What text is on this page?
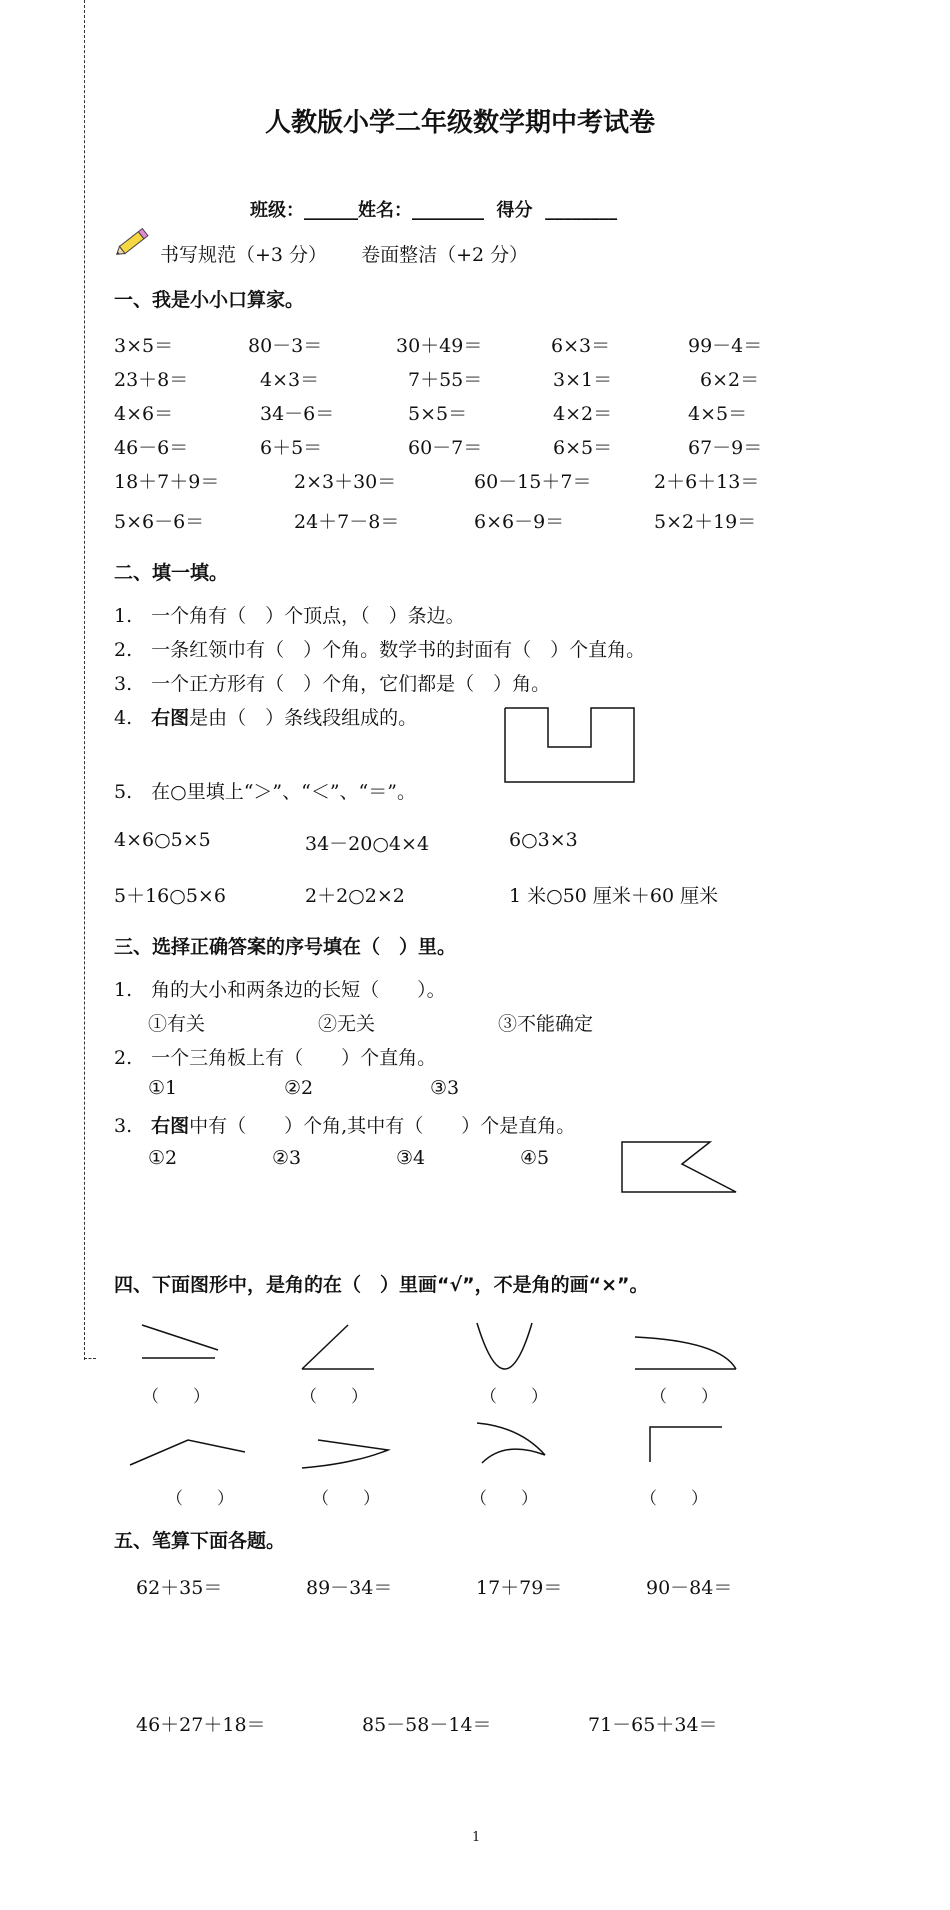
人教版小学二年级数学期中考试卷
班级：______姓名：________ 得分 ________
书写规范（+3 分） 卷面整洁（+2 分）
一、我是小小口算家。
3×5＝	80－3＝	30＋49＝	6×3＝	99－4＝
23＋8＝	4×3＝	7＋55＝	3×1＝	6×2＝
4×6＝	34－6＝	5×5＝	4×2＝	4×5＝
46－6＝	6＋5＝	60－7＝	6×5＝	67－9＝
18＋7＋9＝	2×3＋30＝	60－15＋7＝	2＋6＋13＝
5×6－6＝	24＋7－8＝	6×6－9＝	5×2＋19＝
二、填一填。
1.　一个角有（　）个顶点，（　）条边。
2.　一条红领巾有（　）个角。数学书的封面有（　）个直角。
3.　一个正方形有（　）个角，它们都是（　）角。
4.　右图是由（　）条线段组成的。
5.　在○里填上“＞”、“＜”、“＝”。
4×6○5×5	34－20○4×4	6○3×3
5＋16○5×6	2＋2○2×2	1 米○50 厘米＋60 厘米
三、选择正确答案的序号填在（　）里。
1.　角的大小和两条边的长短（　　）。
①有关	②无关	③不能确定
2.　一个三角板上有（　　）个直角。
①1	②2	③3
3.　右图中有（　　）个角,其中有（　　）个是直角。
①2	②3	③4	④5
四、下面图形中，是角的在（　）里画“√”，不是角的画“×”。
（　　）	（　　）	（　　）	（　　）
（　　）	（　　）	（　　）	（　　）
五、笔算下面各题。
62＋35＝	89－34＝	17＋79＝	90－84＝
46＋27＋18＝	85－58－14＝	71－65＋34＝
1
